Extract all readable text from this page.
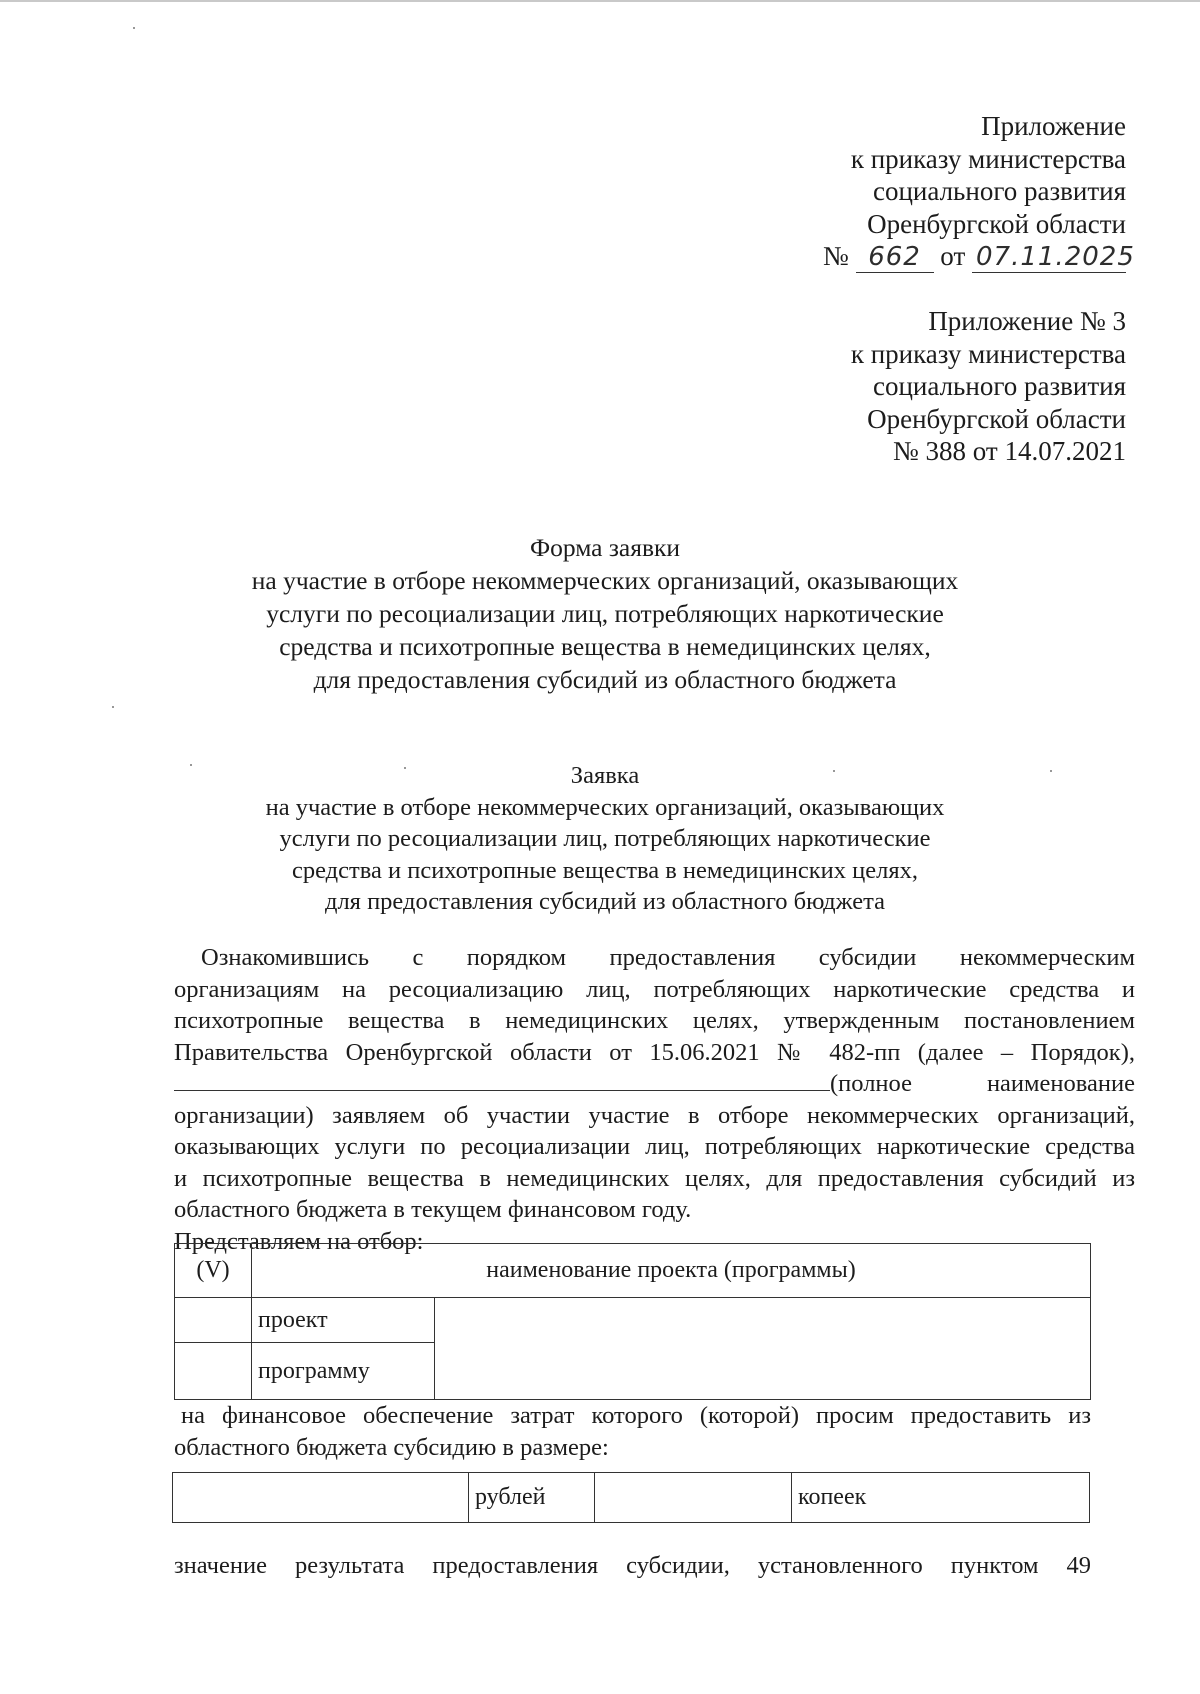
Приложение
к приказу министерства
социального развития
Оренбургской области
№ 662 от 07.11.2025
Приложение № 3
к приказу министерства
социального развития
Оренбургской области
№ 388 от 14.07.2021
Форма заявки
на участие в отборе некоммерческих организаций, оказывающих
услуги по ресоциализации лиц, потребляющих наркотические
средства и психотропные вещества в немедицинских целях,
для предоставления субсидий из областного бюджета
Заявка
на участие в отборе некоммерческих организаций, оказывающих
услуги по ресоциализации лиц, потребляющих наркотические
средства и психотропные вещества в немедицинских целях,
для предоставления субсидий из областного бюджета
Ознакомившись с порядком предоставления субсидии некоммерческим
организациям на ресоциализацию лиц, потребляющих наркотические средства и
психотропные вещества в немедицинских целях, утвержденным постановлением
Правительства Оренбургской области от 15.06.2021 № 482-пп (далее – Порядок),
(полное наименование
организации) заявляем об участии участие в отборе некоммерческих организаций,
оказывающих услуги по ресоциализации лиц, потребляющих наркотические средства
и психотропные вещества в немедицинских целях, для предоставления субсидий из
областного бюджета в текущем финансовом году.
Представляем на отбор:
(V)	наименование проекта (программы)	
	проект	
	программу	
на финансовое обеспечение затрат которого (которой) просим предоставить из
областного бюджета субсидию в размере:
	рублей		копеек
значение результата предоставления субсидии, установленного пунктом 49
